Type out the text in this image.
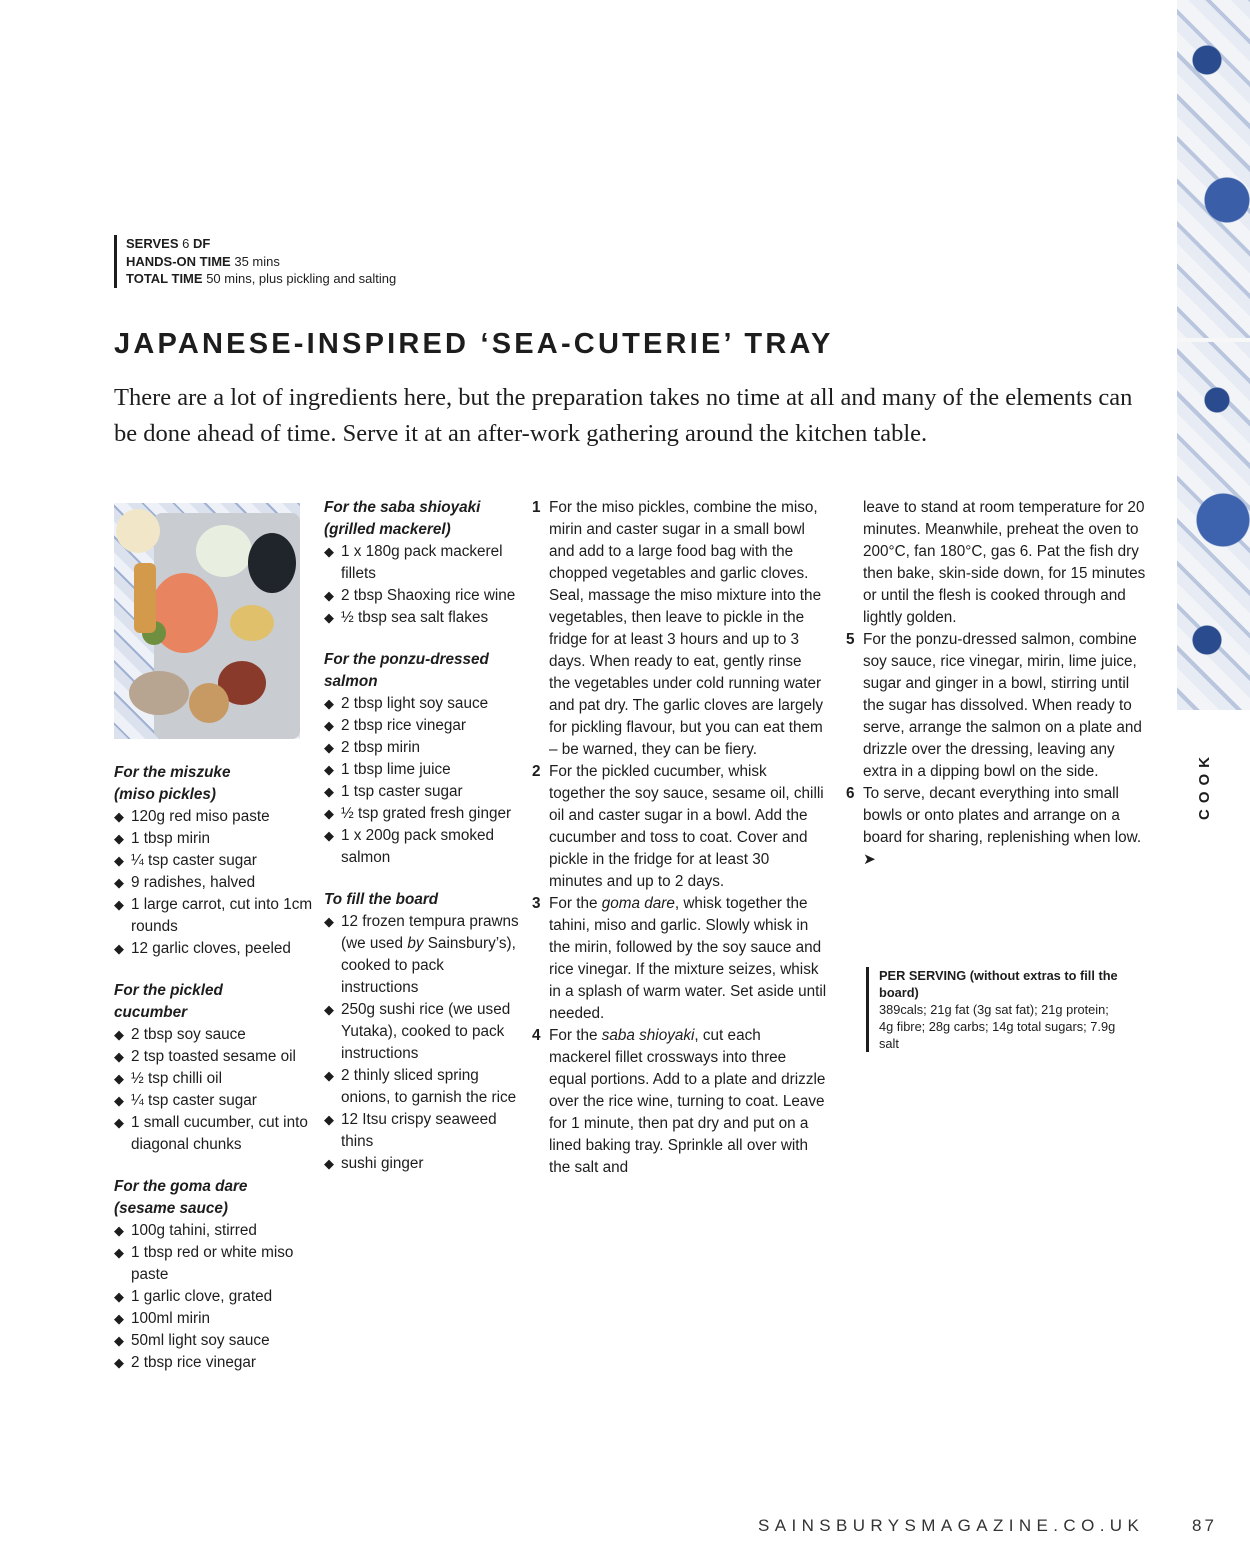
SERVES 6 DF
HANDS-ON TIME 35 mins
TOTAL TIME 50 mins, plus pickling and salting
JAPANESE-INSPIRED ‘SEA-CUTERIE’ TRAY

There are a lot of ingredients here, but the preparation takes no time at all and many of the elements can be done ahead of time. Serve it at an after-work gathering around the kitchen table.

For the miszuke
(miso pickles)

◆ 120g red miso paste
◆ 1 tbsp mirin
◆ ¼ tsp caster sugar
◆ 9 radishes, halved
◆ 1 large carrot, cut into 1cm rounds
◆ 12 garlic cloves, peeled

For the pickled
cucumber

◆ 2 tbsp soy sauce
◆ 2 tsp toasted sesame oil
◆ ½ tsp chilli oil
◆ ¼ tsp caster sugar
◆ 1 small cucumber, cut into diagonal chunks

For the goma dare
(sesame sauce)

◆ 100g tahini, stirred
◆ 1 tbsp red or white miso paste
◆ 1 garlic clove, grated
◆ 100ml mirin
◆ 50ml light soy sauce
◆ 2 tbsp rice vinegar

For the saba shioyaki
(grilled mackerel)

◆ 1 x 180g pack mackerel fillets
◆ 2 tbsp Shaoxing rice wine
◆ ½ tbsp sea salt flakes

For the ponzu-dressed
salmon

◆ 2 tbsp light soy sauce
◆ 2 tbsp rice vinegar
◆ 2 tbsp mirin
◆ 1 tbsp lime juice
◆ 1 tsp caster sugar
◆ ½ tsp grated fresh ginger
◆ 1 x 200g pack smoked salmon

To fill the board

◆ 12 frozen tempura prawns (we used by Sainsbury’s), cooked to pack instructions
◆ 250g sushi rice (we used Yutaka), cooked to pack instructions
◆ 2 thinly sliced spring onions, to garnish the rice
◆ 12 Itsu crispy seaweed thins
◆ sushi ginger
1 For the miso pickles, combine the miso, mirin and caster sugar in a small bowl and add to a large food bag with the chopped vegetables and garlic cloves. Seal, massage the miso mixture into the vegetables, then leave to pickle in the fridge for at least 3 hours and up to 3 days. When ready to eat, gently rinse the vegetables under cold running water and pat dry. The garlic cloves are largely for pickling flavour, but you can eat them – be warned, they can be fiery.
2 For the pickled cucumber, whisk together the soy sauce, sesame oil, chilli oil and caster sugar in a bowl. Add the cucumber and toss to coat. Cover and pickle in the fridge for at least 30 minutes and up to 2 days.
3 For the goma dare, whisk together the tahini, miso and garlic. Slowly whisk in the mirin, followed by the soy sauce and rice vinegar. If the mixture seizes, whisk in a splash of warm water. Set aside until needed.
4 For the saba shioyaki, cut each mackerel fillet crossways into three equal portions. Add to a plate and drizzle over the rice wine, turning to coat. Leave for 1 minute, then pat dry and put on a lined baking tray. Sprinkle all over with the salt and

leave to stand at room temperature for 20 minutes. Meanwhile, preheat the oven to 200°C, fan 180°C, gas 6. Pat the fish dry then bake, skin-side down, for 15 minutes or until the flesh is cooked through and lightly golden.

5 For the ponzu-dressed salmon, combine soy sauce, rice vinegar, mirin, lime juice, sugar and ginger in a bowl, stirring until the sugar has dissolved. When ready to serve, arrange the salmon on a plate and drizzle over the dressing, leaving any extra in a dipping bowl on the side.
6 To serve, decant everything into small bowls or onto plates and arrange on a board for sharing, replenishing when low. ➤
PER SERVING (without extras to fill the board)
389cals; 21g fat (3g sat fat); 21g protein; 4g fibre; 28g carbs; 14g total sugars; 7.9g salt
COOK
SAINSBURYSMAGAZINE.CO.UK	87
